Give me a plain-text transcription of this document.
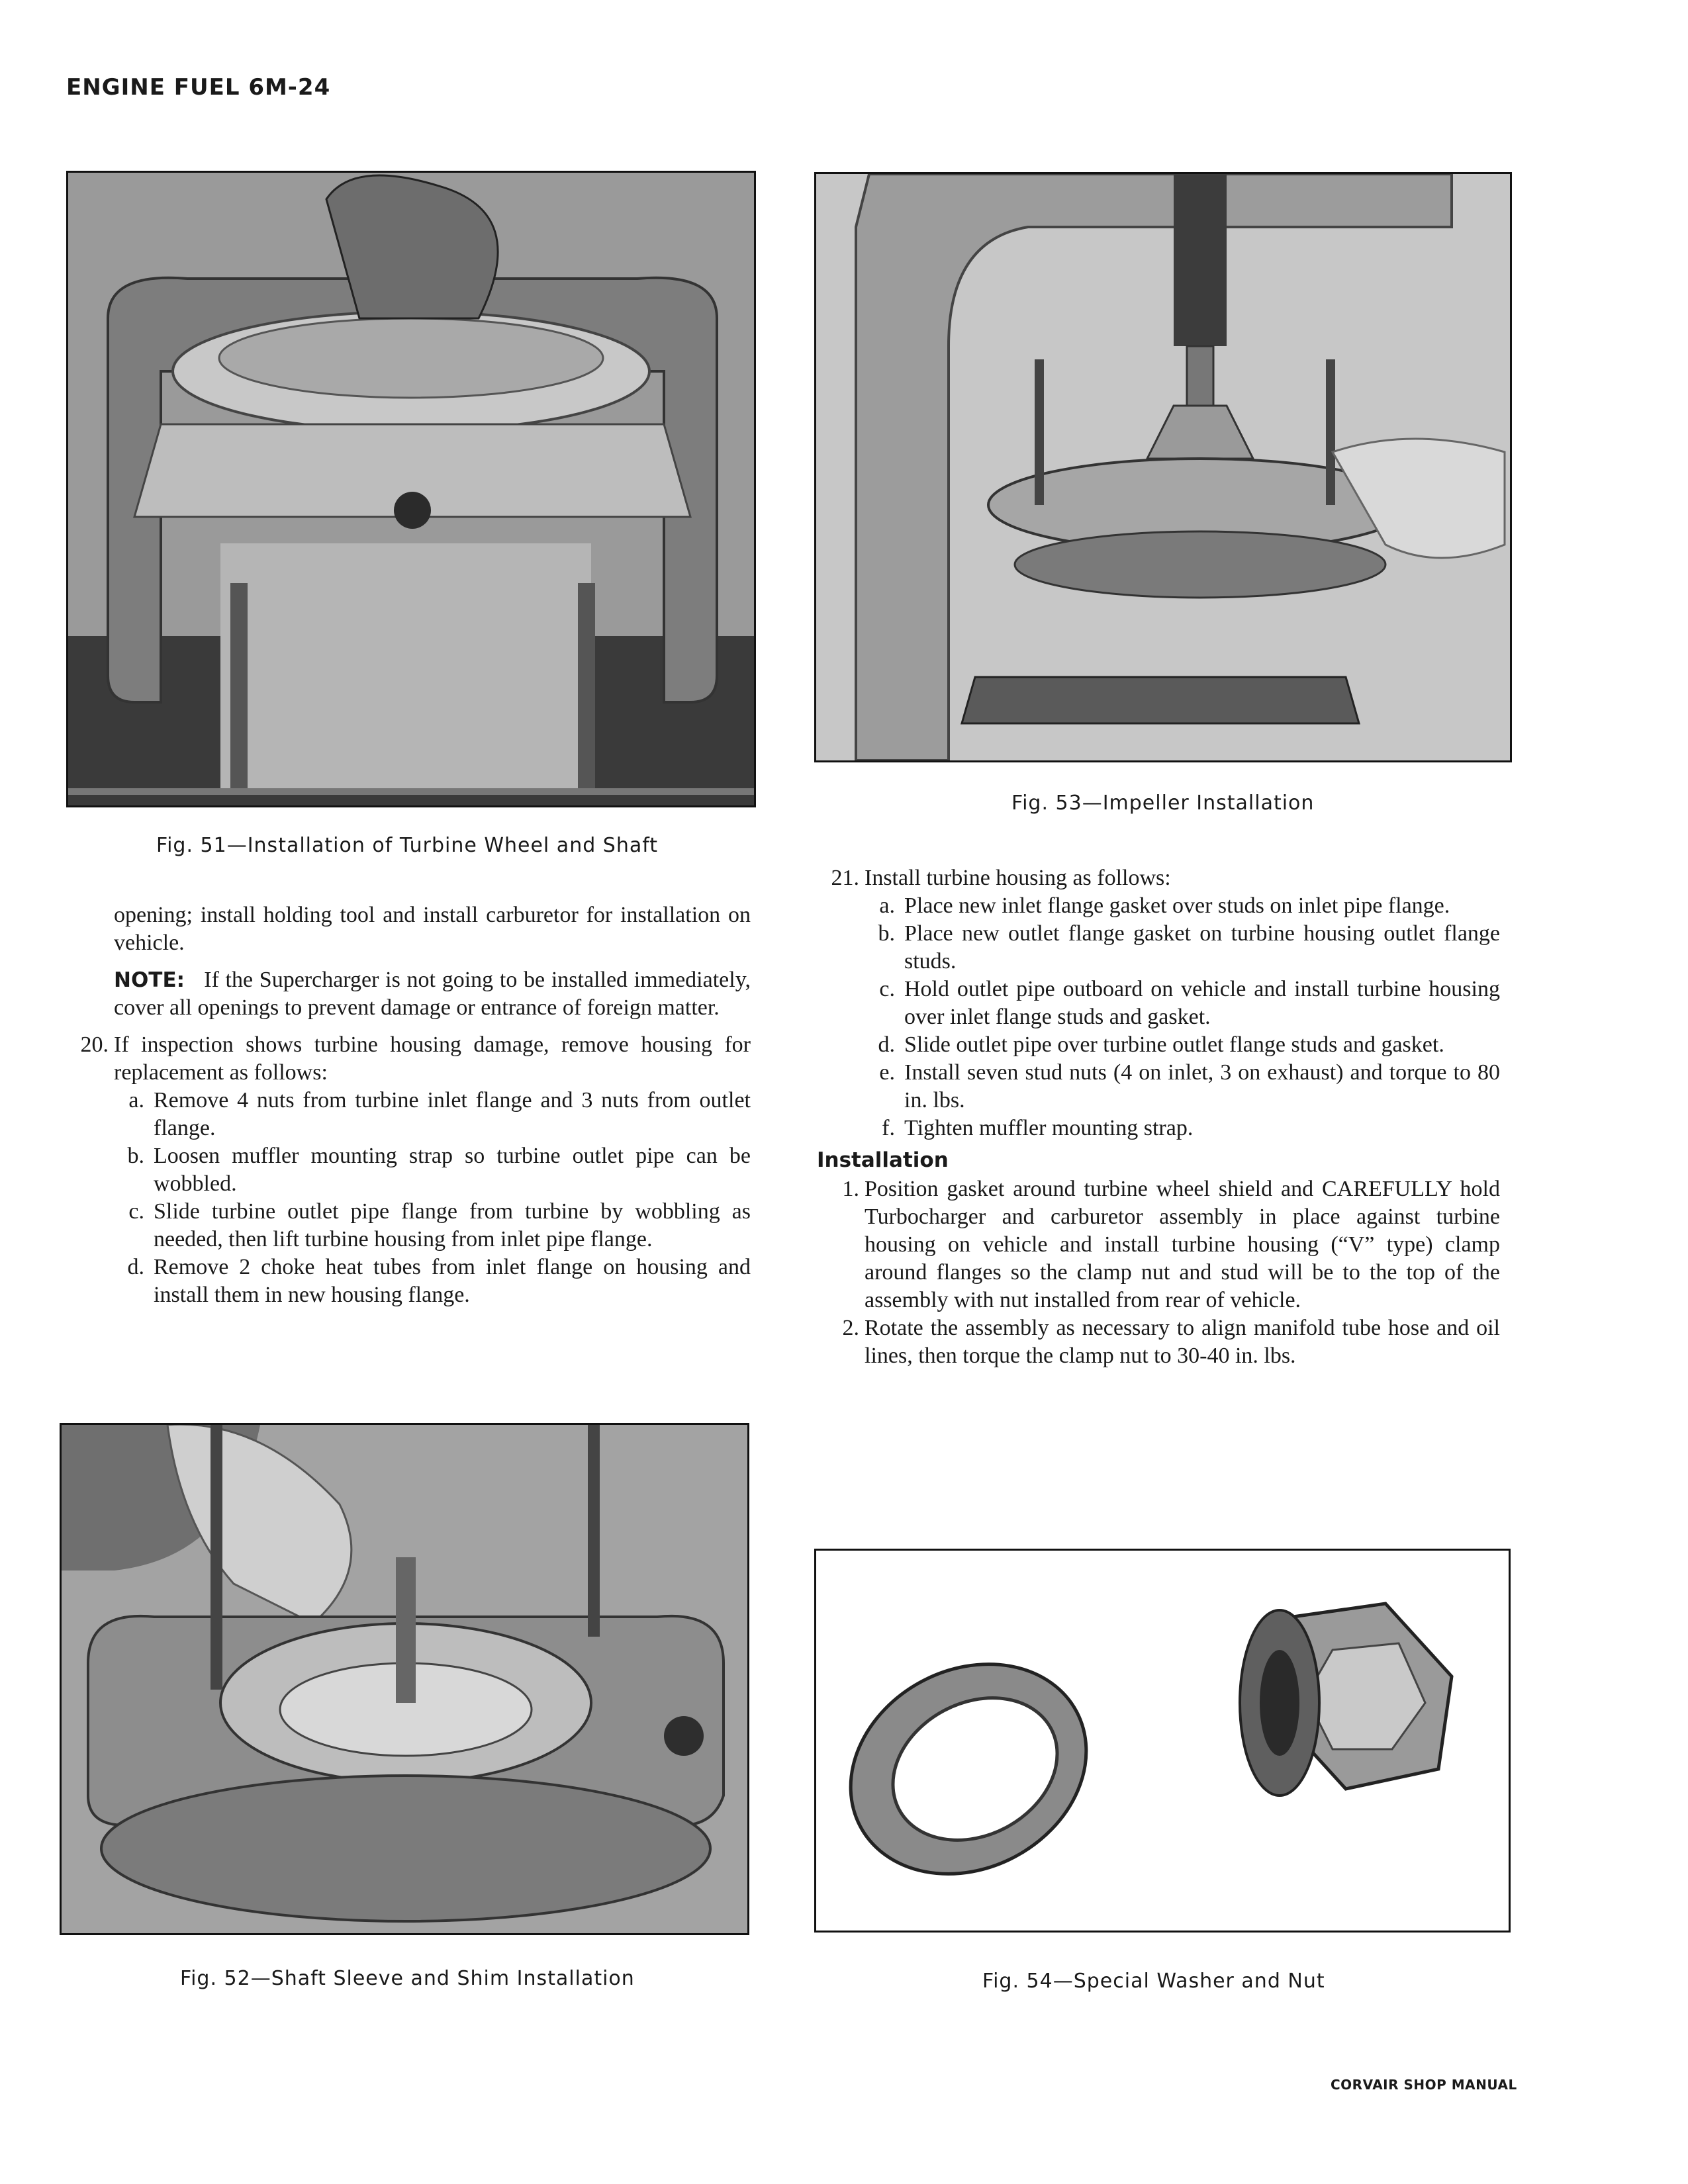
ENGINE FUEL 6M-24
Fig. 51—Installation of Turbine Wheel and Shaft
Fig. 53—Impeller Installation

opening; install holding tool and install carburetor for installation on vehicle.

NOTE: If the Supercharger is not going to be installed immediately, cover all openings to prevent damage or entrance of foreign matter.

20. If inspection shows turbine housing damage, remove housing for replacement as follows:
a. Remove 4 nuts from turbine inlet flange and 3 nuts from outlet flange.
b. Loosen muffler mounting strap so turbine outlet pipe can be wobbled.
c. Slide turbine outlet pipe flange from turbine by wobbling as needed, then lift turbine housing from inlet pipe flange.
d. Remove 2 choke heat tubes from inlet flange on housing and install them in new housing flange.
21. Install turbine housing as follows:
a. Place new inlet flange gasket over studs on inlet pipe flange.
b. Place new outlet flange gasket on turbine housing outlet flange studs.
c. Hold outlet pipe outboard on vehicle and install turbine housing over inlet flange studs and gasket.
d. Slide outlet pipe over turbine outlet flange studs and gasket.
e. Install seven stud nuts (4 on inlet, 3 on exhaust) and torque to 80 in. lbs.
f. Tighten muffler mounting strap.
Installation
1. Position gasket around turbine wheel shield and CAREFULLY hold Turbocharger and carburetor assembly in place against turbine housing on vehicle and install turbine housing (“V” type) clamp around flanges so the clamp nut and stud will be to the top of the assembly with nut installed from rear of vehicle.
2. Rotate the assembly as necessary to align manifold tube hose and oil lines, then torque the clamp nut to 30-40 in. lbs.
Fig. 52—Shaft Sleeve and Shim Installation	Fig. 54—Special Washer and Nut
CORVAIR SHOP MANUAL
